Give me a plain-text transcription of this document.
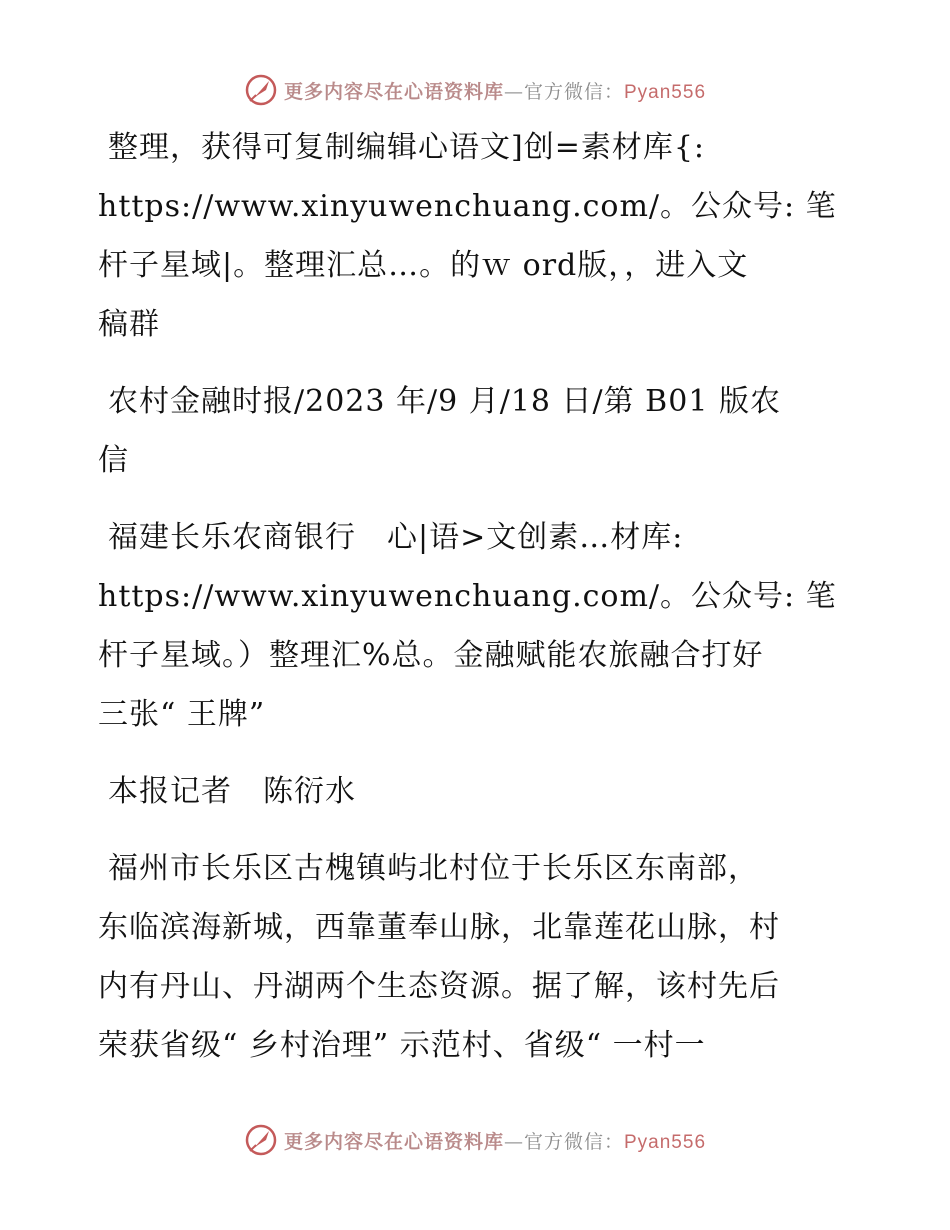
更多内容尽在心语资料库—官方微信：Pyan556

整理，获得可复制编辑心语文]创=素材库{:
https://www.xinyuwenchuang.com/。公众号: 笔
杆子星域|。整理汇总…。的ｗ ord版，，进入文
稿群

农村金融时报/2023 年/9 月/18 日/第 B01 版农
信

福建长乐农商银行　心|语>文创素…材库:
https://www.xinyuwenchuang.com/。公众号: 笔
杆子星域。）整理汇%总。金融赋能农旅融合打好
三张“ 王牌”

本报记者　陈衍水

福州市长乐区古槐镇屿北村位于长乐区东南部，
东临滨海新城，西靠董奉山脉，北靠莲花山脉，村
内有丹山、丹湖两个生态资源。据了解，该村先后
荣获省级“ 乡村治理” 示范村、省级“ 一村一

更多内容尽在心语资料库—官方微信：Pyan556
